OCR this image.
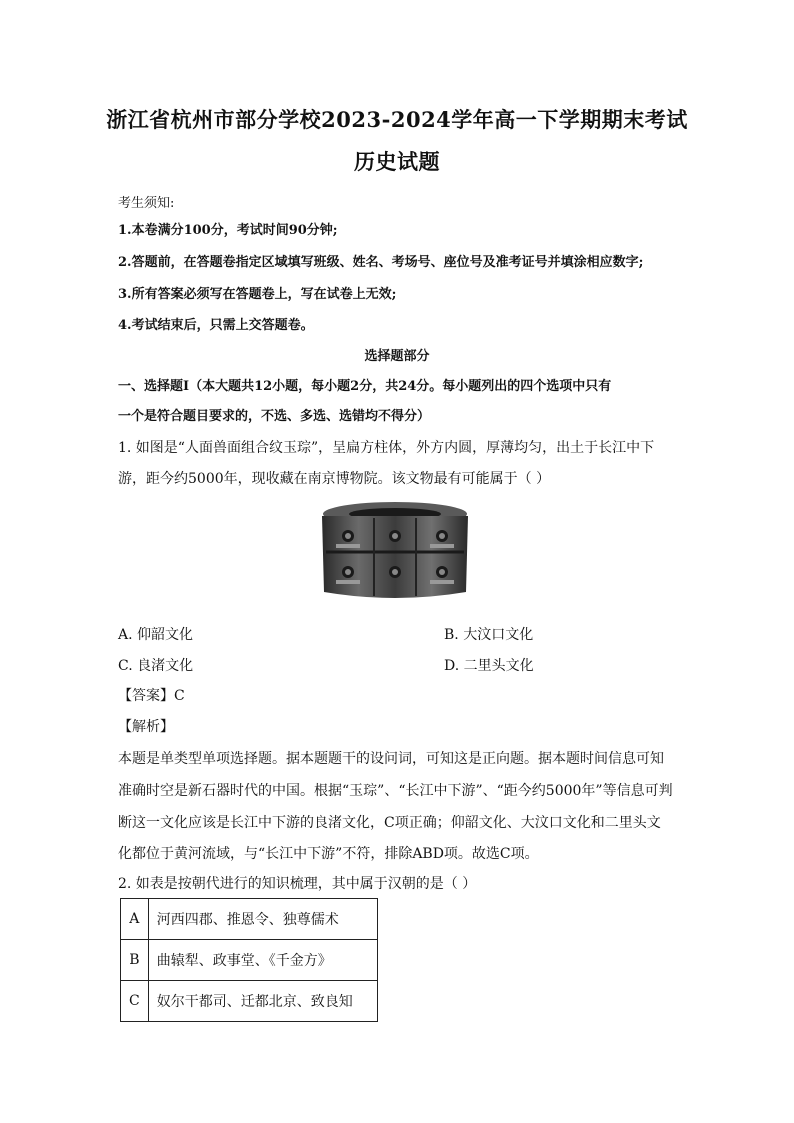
浙江省杭州市部分学校2023-2024学年高一下学期期末考试
历史试题
考生须知:
1.本卷满分100分，考试时间90分钟;
2.答题前，在答题卷指定区域填写班级、姓名、考场号、座位号及准考证号并填涂相应数字;
3.所有答案必须写在答题卷上，写在试卷上无效;
4.考试结束后，只需上交答题卷。
选择题部分
一、选择题Ⅰ（本大题共12小题，每小题2分，共24分。每小题列出的四个选项中只有
一个是符合题目要求的，不选、多选、选错均不得分）
1. 如图是“人面兽面组合纹玉琮”，呈扁方柱体，外方内圆，厚薄均匀，出土于长江中下
游，距今约5000年，现收藏在南京博物院。该文物最有可能属于（ ）
A. 仰韶文化	B. 大汶口文化
C. 良渚文化	D. 二里头文化
【答案】C
【解析】
本题是单类型单项选择题。据本题题干的设问词，可知这是正向题。据本题时间信息可知
准确时空是新石器时代的中国。根据“玉琮”、“长江中下游”、“距今约5000年”等信息可判
断这一文化应该是长江中下游的良渚文化，C项正确；仰韶文化、大汶口文化和二里头文
化都位于黄河流域，与“长江中下游”不符，排除ABD项。故选C项。
2. 如表是按朝代进行的知识梳理，其中属于汉朝的是（ ）
A	河西四郡、推恩令、独尊儒术
B	曲辕犁、政事堂、《千金方》
C	奴尔干都司、迁都北京、致良知
